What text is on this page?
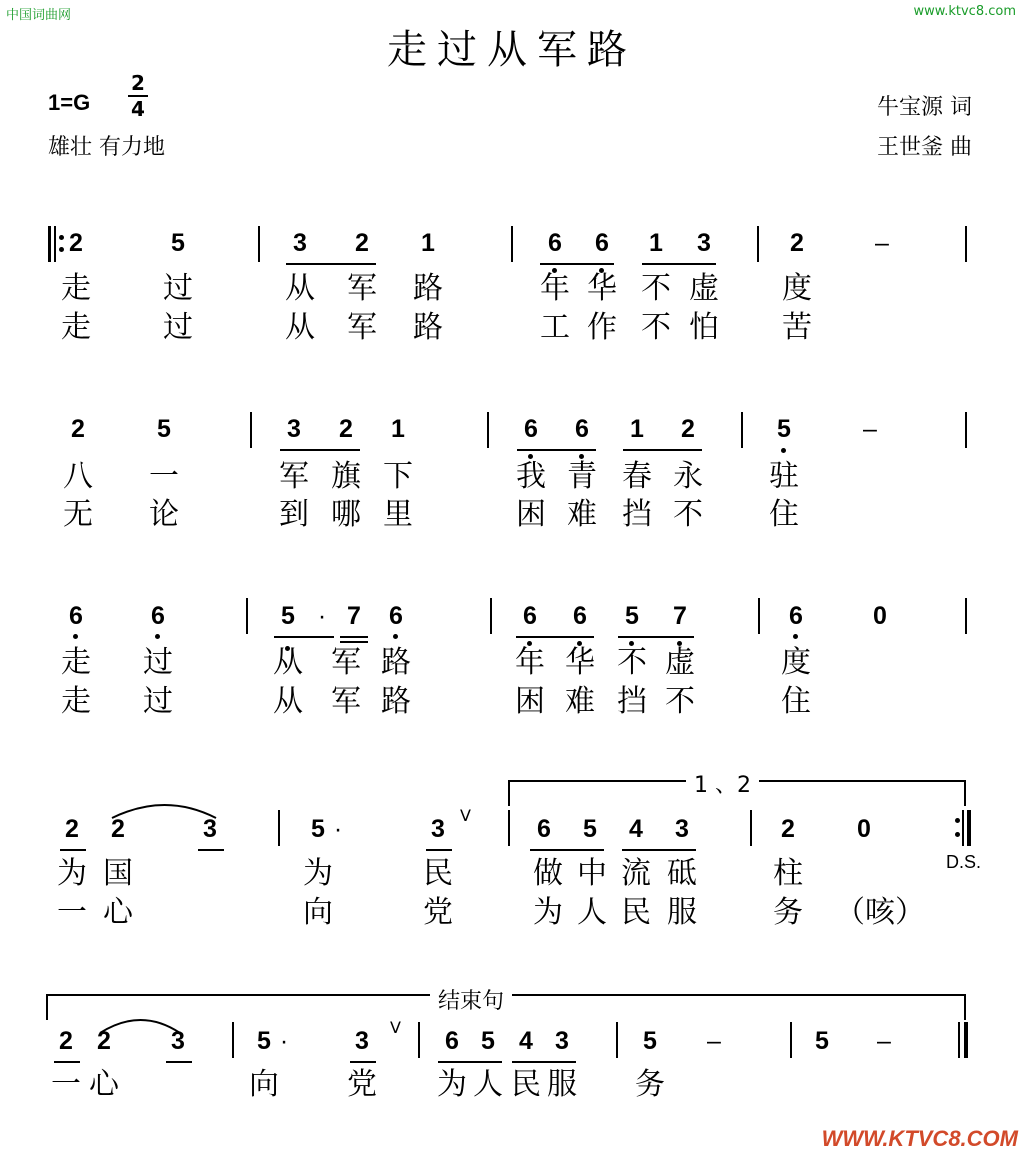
中国词曲网	www.ktvc8.com
走过从军路
1=G
2
4
雄壮 有力地
牛宝源 词
王世釜 曲
2	5	3	2	1	6	6	1	3	2	–
走 过	从 军 路	年 华 不 虚 度
走 过	从 军 路	工 作 不 怕 苦
2	5	3	2	1	6	6	1	2	5	–
八 一	军 旗 下	我 青 春 永 驻
无 论	到 哪 里	困 难 挡 不 住
6	6	5 · 7	6	6	6	5	7	6	0
走 过	从 军 路	年 华 不 虚	度
走 过	从 军 路	困 难 挡 不	住
1 、2
2	2	3	5 ·	3 V	6	5	4	3	2	0
D.S.
为 国	为	民	做 中 流 砥	柱
一 心	向	党	为 人 民 服	务 （咳）
结束句
2 2	3	5 ·	3	V	6 5 4 3	5	–	5	–
一 心	向 党 为 人 民 服 务
WWW.KTVC8.COM
